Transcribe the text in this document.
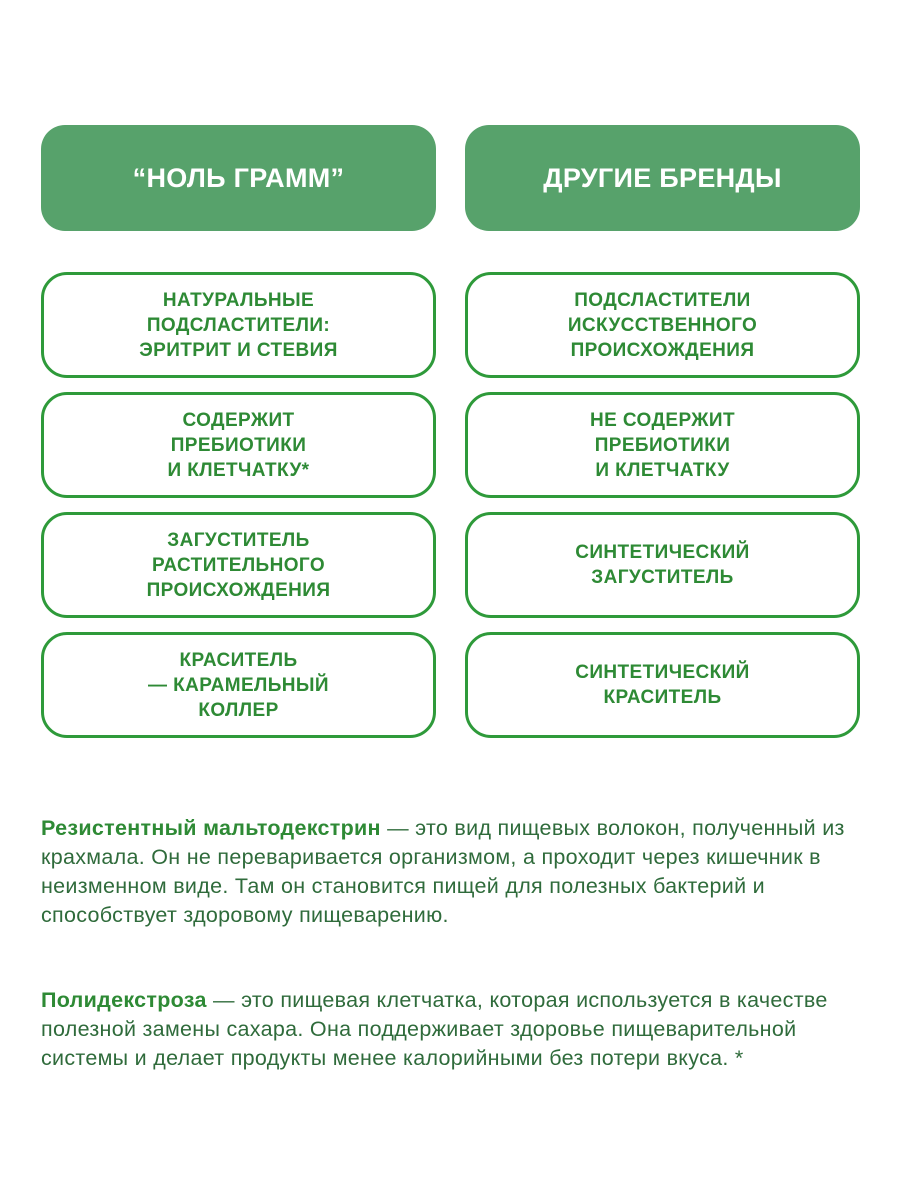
“НОЛЬ ГРАММ”	ДРУГИЕ БРЕНДЫ
НАТУРАЛЬНЫЕ
ПОДСЛАСТИТЕЛИ:
ЭРИТРИТ И СТЕВИЯ
ПОДСЛАСТИТЕЛИ
ИСКУССТВЕННОГО
ПРОИСХОЖДЕНИЯ
СОДЕРЖИТ
ПРЕБИОТИКИ
И КЛЕТЧАТКУ*
НЕ СОДЕРЖИТ
ПРЕБИОТИКИ
И КЛЕТЧАТКУ
ЗАГУСТИТЕЛЬ
РАСТИТЕЛЬНОГО
ПРОИСХОЖДЕНИЯ
СИНТЕТИЧЕСКИЙ
ЗАГУСТИТЕЛЬ
КРАСИТЕЛЬ
— КАРАМЕЛЬНЫЙ
КОЛЛЕР
СИНТЕТИЧЕСКИЙ
КРАСИТЕЛЬ

Резистентный мальтодекстрин — это вид пищевых волокон, полученный из крахмала. Он не переваривается организмом, а проходит через кишечник в неизменном виде. Там он становится пищей для полезных бактерий и способствует здоровому пищеварению.

Полидекстроза — это пищевая клетчатка, которая используется в качестве полезной замены сахара. Она поддерживает здоровье пищеварительной системы и делает продукты менее калорийными без потери вкуса. *
